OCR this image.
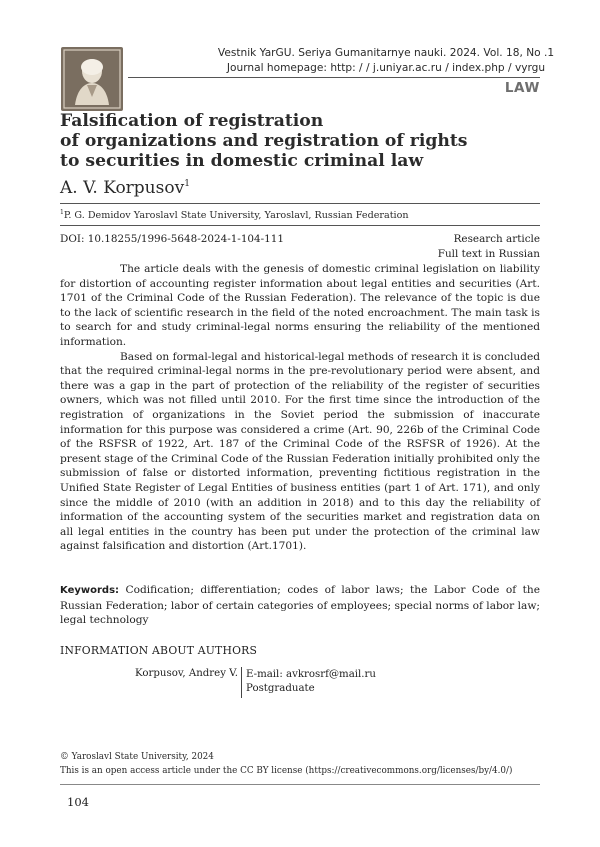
Vestnik YarGU. Seriya Gumanitarnye nauki. 2024. Vol. 18, No .1
Journal homepage: http: / / j.uniyar.ac.ru / index.php / vyrgu
LAW
Falsification of registration
of organizations and registration of rights
to securities in domestic criminal law
A. V. Korpusov$^1$
$^1$P. G. Demidov Yaroslavl State University, Yaroslavl, Russian Federation
DOI: 10.18255/1996-5648-2024-1-104-111	Research article
Full text in Russian

The article deals with the genesis of domestic criminal legislation on liability for distortion of accounting register information about legal entities and securities (Art. 1701 of the Criminal Code of the Russian Federation). The relevance of the topic is due to the lack of scientific research in the field of the noted encroachment. The main task is to search for and study criminal-legal norms ensuring the reliability of the mentioned information.

Based on formal-legal and historical-legal methods of research it is concluded that the required criminal-legal norms in the pre-revolutionary period were absent, and there was a gap in the part of protection of the reliability of the register of securities owners, which was not filled until 2010. For the first time since the introduction of the registration of organizations in the Soviet period the submission of inaccurate information for this purpose was considered a crime (Art. 90, 226b of the Criminal Code of the RSFSR of 1922, Art. 187 of the Criminal Code of the RSFSR of 1926). At the present stage of the Criminal Code of the Russian Federation initially prohibited only the submission of false or distorted information, preventing fictitious registration in the Unified State Register of Legal Entities of business entities (part 1 of Art. 171), and only since the middle of 2010 (with an addition in 2018) and to this day the reliability of information of the accounting system of the securities market and registration data on all legal entities in the country has been put under the protection of the criminal law against falsification and distortion (Art.1701).

Keywords: Codification; differentiation; codes of labor laws; the Labor Code of the Russian Federation; labor of certain categories of employees; special norms of labor law; legal technology
INFORMATION ABOUT AUTHORS
Korpusov, Andrey V. E-mail: avkrosrf@mail.ru
Postgraduate
© Yaroslavl State University, 2024
This is an open access article under the CC BY license (https://creativecommons.org/licenses/by/4.0/)
104
